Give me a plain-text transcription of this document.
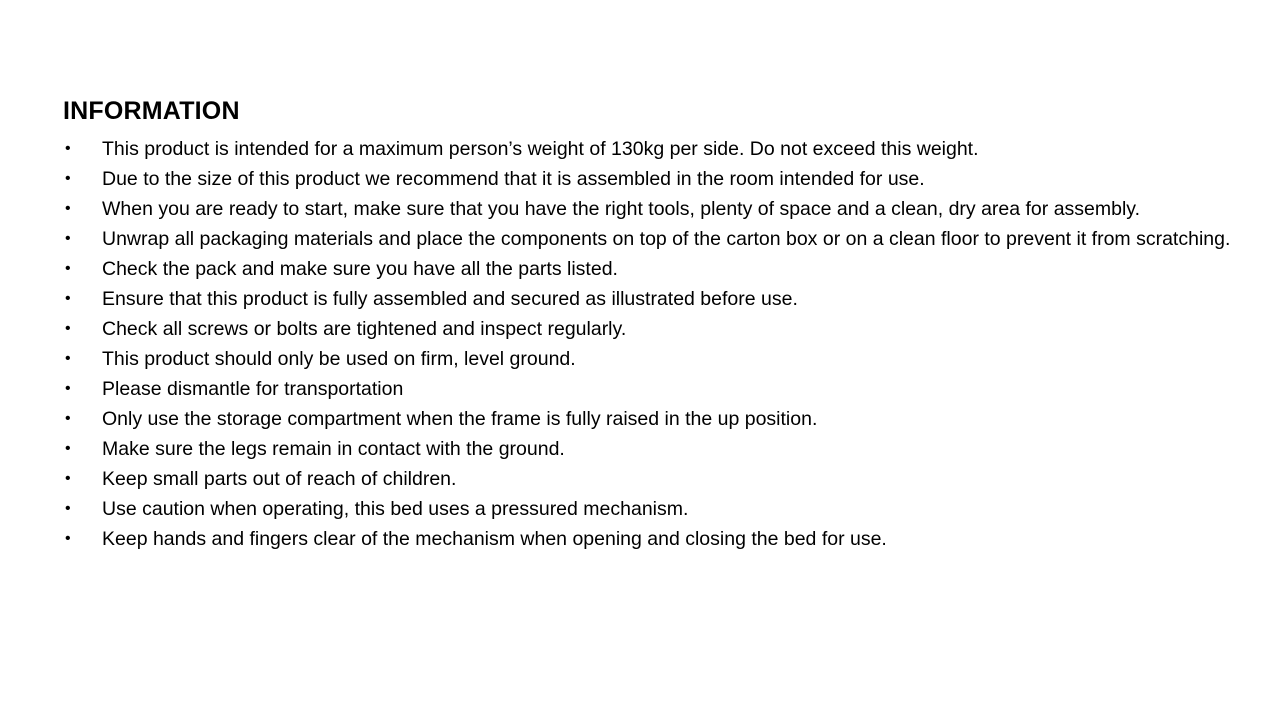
INFORMATION
• This product is intended for a maximum person’s weight of 130kg per side. Do not exceed this weight.
• Due to the size of this product we recommend that it is assembled in the room intended for use.
• When you are ready to start, make sure that you have the right tools, plenty of space and a clean, dry area for assembly.
• Unwrap all packaging materials and place the components on top of the carton box or on a clean floor to prevent it from scratching.
• Check the pack and make sure you have all the parts listed.
• Ensure that this product is fully assembled and secured as illustrated before use.
• Check all screws or bolts are tightened and inspect regularly.
• This product should only be used on firm, level ground.
• Please dismantle for transportation
• Only use the storage compartment when the frame is fully raised in the up position.
• Make sure the legs remain in contact with the ground.
• Keep small parts out of reach of children.
• Use caution when operating, this bed uses a pressured mechanism.
• Keep hands and fingers clear of the mechanism when opening and closing the bed for use.
